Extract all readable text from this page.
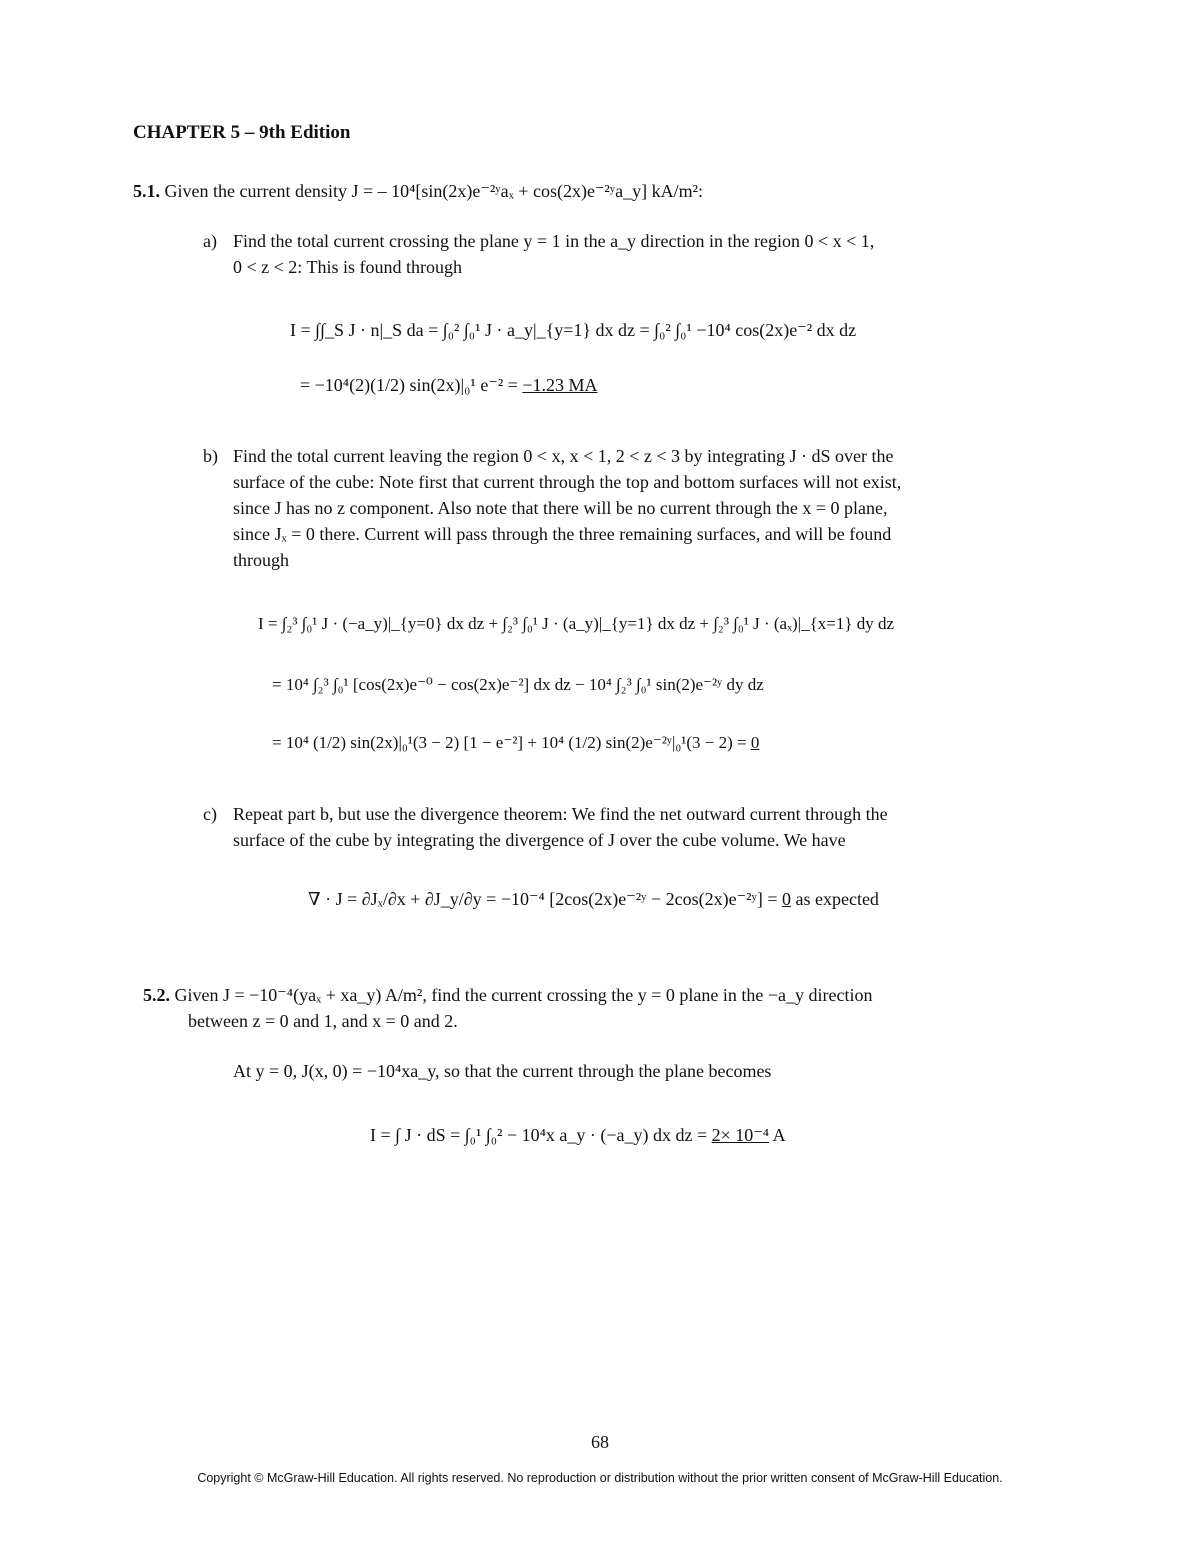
CHAPTER 5 – 9th Edition
5.1. Given the current density J = – 10⁴[sin(2x)e⁻²ʸaₓ + cos(2x)e⁻²ʸa_y] kA/m²:
a) Find the total current crossing the plane y = 1 in the a_y direction in the region 0 < x < 1,
0 < z < 2: This is found through
I = ∫∫_S J · n|_S da = ∫₀² ∫₀¹ J · a_y|_{y=1} dx dz = ∫₀² ∫₀¹ −10⁴ cos(2x)e⁻² dx dz
= −10⁴(2)(1/2) sin(2x)|₀¹ e⁻² = −1.23 MA
b) Find the total current leaving the region 0 < x, x < 1, 2 < z < 3 by integrating J · dS over the
surface of the cube: Note first that current through the top and bottom surfaces will not exist,
since J has no z component. Also note that there will be no current through the x = 0 plane,
since Jₓ = 0 there. Current will pass through the three remaining surfaces, and will be found
through
I = ∫₂³ ∫₀¹ J · (−a_y)|_{y=0} dx dz + ∫₂³ ∫₀¹ J · (a_y)|_{y=1} dx dz + ∫₂³ ∫₀¹ J · (aₓ)|_{x=1} dy dz
= 10⁴ ∫₂³ ∫₀¹ [cos(2x)e⁻⁰ − cos(2x)e⁻²] dx dz − 10⁴ ∫₂³ ∫₀¹ sin(2)e⁻²ʸ dy dz
= 10⁴ (1/2) sin(2x)|₀¹(3 − 2) [1 − e⁻²] + 10⁴ (1/2) sin(2)e⁻²ʸ|₀¹(3 − 2) = 0
c) Repeat part b, but use the divergence theorem: We find the net outward current through the
surface of the cube by integrating the divergence of J over the cube volume. We have
∇ · J = ∂Jₓ/∂x + ∂J_y/∂y = −10⁻⁴ [2cos(2x)e⁻²ʸ − 2cos(2x)e⁻²ʸ] = 0 as expected
5.2. Given J = −10⁻⁴(yaₓ + xa_y) A/m², find the current crossing the y = 0 plane in the −a_y direction
between z = 0 and 1, and x = 0 and 2.
At y = 0, J(x, 0) = −10⁴xa_y, so that the current through the plane becomes
I = ∫ J · dS = ∫₀¹ ∫₀² − 10⁴x a_y · (−a_y) dx dz = 2× 10⁻⁴ A
68
Copyright © McGraw-Hill Education. All rights reserved. No reproduction or distribution without the prior written consent of McGraw-Hill Education.
